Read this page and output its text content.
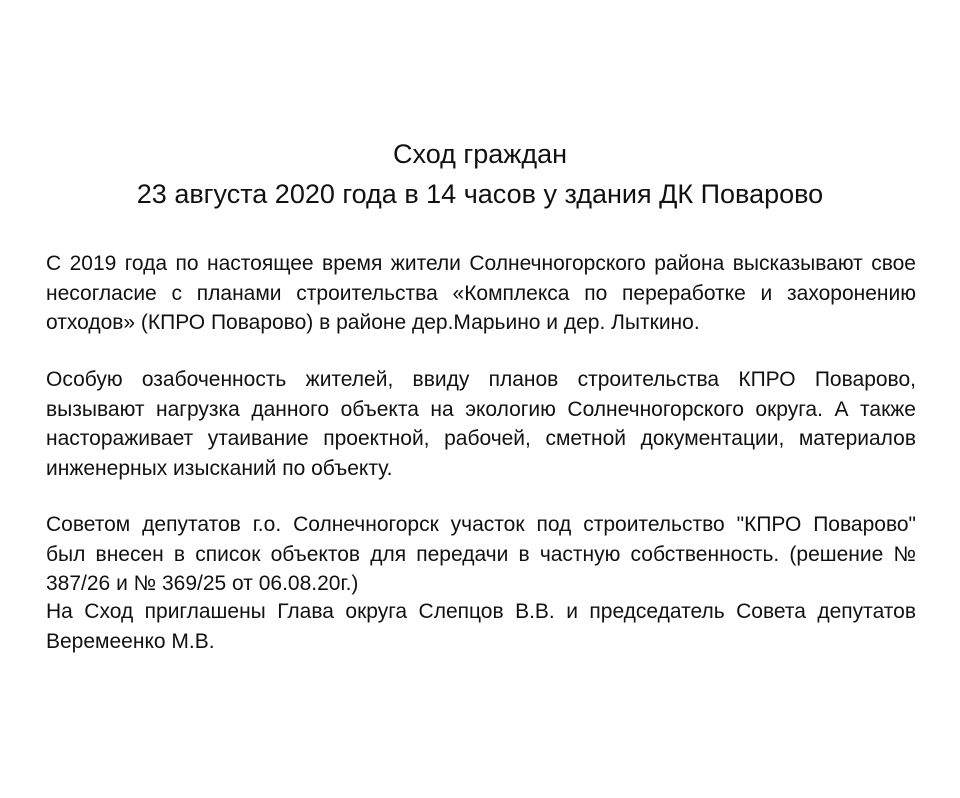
Сход граждан
23 августа 2020 года в 14 часов у здания ДК Поварово
С 2019 года по настоящее время жители Солнечногорского района высказывают свое
несогласие с планами строительства «Комплекса по переработке и захоронению
отходов» (КПРО Поварово) в районе дер.Марьино и дер. Лыткино.
Особую озабоченность жителей, ввиду планов строительства КПРО Поварово,
вызывают нагрузка данного объекта на экологию Солнечногорского округа. А также
настораживает утаивание проектной, рабочей, сметной документации, материалов
инженерных изысканий по объекту.
Советом депутатов г.о. Солнечногорск участок под строительство "КПРО Поварово"
был внесен в список объектов для передачи в частную собственность. (решение №
387/26 и № 369/25 от 06.08.20г.)
На Сход приглашены Глава округа Слепцов В.В. и председатель Совета депутатов
Веремеенко М.В.
